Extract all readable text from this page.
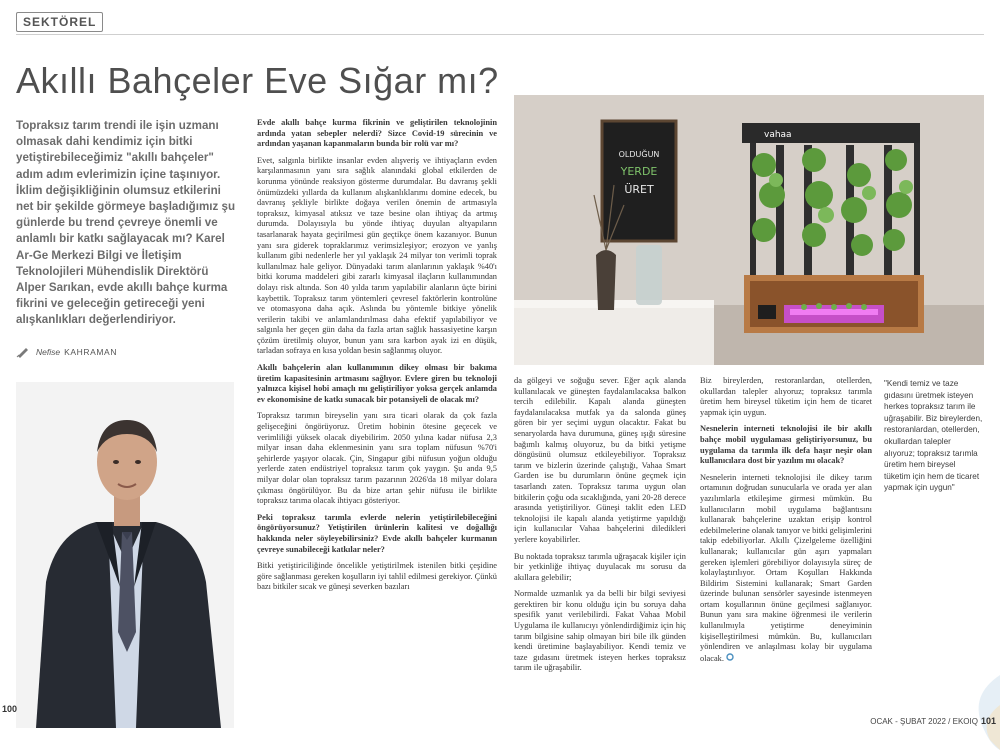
SEKTÖREL
Akıllı Bahçeler Eve Sığar mı?

Topraksız tarım trendi ile işin uzmanı olmasak dahi kendimiz için bitki yetiştirebileceğimiz "akıllı bahçeler" adım adım evlerimizin içine taşınıyor. İklim değişikliğinin olumsuz etkilerini net bir şekilde görmeye başladığımız şu günlerde bu trend çevreye önemli ve anlamlı bir katkı sağlayacak mı? Karel Ar-Ge Merkezi Bilgi ve İletişim Teknolojileri Mühendislik Direktörü Alper Sarıkan, evde akıllı bahçe kurma fikrini ve geleceğin getireceği yeni alışkanlıkları değerlendiriyor.

Nefise KAHRAMAN
OLDUĞUN
YERDE
ÜRET
vahaa

Evde akıllı bahçe kurma fikrinin ve geliştirilen teknolojinin ardında yatan sebepler nelerdi? Sizce Covid-19 sürecinin ve ardından yaşanan kapanmaların bunda bir rolü var mı?

Evet, salgınla birlikte insanlar evden alışveriş ve ihtiyaçların evden karşılanmasının yanı sıra sağlık alanındaki global etkilerden de korunma yönünde reaksiyon gösterme durumdalar. Bu davranış şekli önümüzdeki yıllarda da kullanım alışkanlıklarımı domine edecek, bu davranış şekliyle birlikte doğaya verilen önemin de artmasıyla topraksız, kimyasal atıksız ve taze besine olan ihtiyaç da artmış durumda. Dolayısıyla bu yönde ihtiyaç duyulan altyapıların tasarlanarak hayata geçirilmesi gün geçtikçe önem kazanıyor. Bunun yanı sıra giderek topraklarımız verimsizleşiyor; erozyon ve yanlış kullanım gibi nedenlerle her yıl yaklaşık 24 milyar ton verimli toprak kullanılmaz hale geliyor. Dünyadaki tarım alanlarının yaklaşık %40'ı bitki koruma maddeleri gibi zararlı kimyasal ilaçların kullanımından dolayı risk altında. Son 40 yılda tarım yapılabilir alanların üçte birini kaybettik. Topraksız tarım yöntemleri çevresel faktörlerin kontrolüne ve otomasyona daha açık. Aslında bu yöntemle bitkiye yönelik verilerin takibi ve anlamlandırılması daha efektif yapılabiliyor ve salgınla her geçen gün daha da fazla artan sağlık hassasiyetine karşın çözüm üretilmiş oluyor, bunun yanı sıra karbon ayak izi en düşük, tarladan sofraya en kısa yoldan besin sağlanmış oluyor.

Akıllı bahçelerin alan kullanımının dikey olması bir bakıma üretim kapasitesinin artmasını sağlıyor. Evlere giren bu teknoloji yalnızca kişisel hobi amaçlı mı geliştiriliyor yoksa gerçek anlamda ev ekonomisine de katkı sunacak bir potansiyeli de olacak mı?

Topraksız tarımın bireyselin yanı sıra ticari olarak da çok fazla gelişeceğini öngörüyoruz. Üretim hobinin ötesine geçecek ve verimliliği yüksek olacak diyebilirim. 2050 yılına kadar nüfusa 2,3 milyar insan daha eklenmesinin yanı sıra toplam nüfusun %70'i şehirlerde yaşıyor olacak. Çin, Singapur gibi nüfusun yoğun olduğu yerlerde zaten endüstriyel topraksız tarım çok yaygın. Şu anda 9,5 milyar dolar olan topraksız tarım pazarının 2026'da 18 milyar dolara çıkması öngörülüyor. Bu da bize artan şehir nüfusu ile birlikte topraksız tarıma olacak ihtiyacı gösteriyor.

Peki topraksız tarımla evlerde nelerin yetiştirilebileceğini öngörüyorsunuz? Yetiştirilen ürünlerin kalitesi ve doğallığı hakkında neler söyleyebilirsiniz? Evde akıllı bahçeler kurmanın çevreye sunabileceği katkılar neler?

Bitki yetiştiriciliğinde öncelikle yetiştirilmek istenilen bitki çeşidine göre sağlanması gereken koşulların iyi tahlil edilmesi gerekiyor. Çünkü bazı bitkiler sıcak ve güneşi severken bazıları

da gölgeyi ve soğuğu sever. Eğer açık alanda kullanılacak ve güneşten faydalanılacaksa balkon tercih edilebilir. Kapalı alanda güneşten faydalanılacaksa mutfak ya da salonda güneş gören bir yer seçimi uygun olacaktır. Fakat bu senaryolarda hava durumuna, güneş ışığı süresine bağımlı kalmış oluyoruz, bu da bitki yetişme döngüsünü olumsuz etkileyebiliyor. Topraksız tarım ve bizlerin üzerinde çalıştığı, Vahaa Smart Garden ise bu durumların önüne geçmek için tasarlandı zaten. Topraksız tarıma uygun olan bitkilerin çoğu oda sıcaklığında, yani 20-28 derece arasında yetiştiriliyor. Güneşi taklit eden LED teknolojisi ile kapalı alanda yetiştirme yapıldığı için kullanıcılar Vahaa bahçelerini diledikleri yerlere koyabilirler.

Bu noktada topraksız tarımla uğraşacak kişiler için bir yetkinliğe ihtiyaç duyulacak mı sorusu da akıllara gelebilir;

Normalde uzmanlık ya da belli bir bilgi seviyesi gerektiren bir konu olduğu için bu soruya daha spesifik yanıt verilebilirdi. Fakat Vahaa Mobil Uygulama ile kullanıcıyı yönlendirdiğimiz için hiç tarım bilgisine sahip olmayan biri bile ilk günden kendi üretimine başlayabiliyor. Kendi temiz ve taze gıdasını üretmek isteyen herkes topraksız tarım ile uğraşabilir.

Biz bireylerden, restoranlardan, otellerden, okullardan talepler alıyoruz; topraksız tarımla üretim hem bireysel tüketim için hem de ticaret yapmak için uygun.

Nesnelerin interneti teknolojisi ile bir akıllı bahçe mobil uygulaması geliştiriyorsunuz, bu uygulama da tarımla ilk defa haşır neşir olan kullanıcılara dost bir yazılım mı olacak?

Nesnelerin interneti teknolojisi ile dikey tarım ortamının doğrudan sunucularla ve orada yer alan yazılımlarla etkileşime girmesi mümkün. Bu kullanıcıların mobil uygulama bağlantısını kullanarak bahçelerine uzaktan erişip kontrol edebilmelerine olanak tanıyor ve bitki gelişimlerini takip edebiliyorlar. Akıllı Çizelgeleme özelliğini kullanarak; kullanıcılar gün aşırı yapmaları gereken işlemleri görebiliyor dolayısıyla süreç de kolaylaştırılıyor. Ortam Koşulları Hakkında Bildirim Sistemini kullanarak; Smart Garden üzerinde bulunan sensörler sayesinde istenmeyen ortam koşullarının önüne geçilmesi sağlanıyor. Bunun yanı sıra makine öğrenmesi ile verilerin kullanılmıyla yetiştirme deneyiminin kişiselleştirilmesi mümkün. Bu, kullanıcıları yönlendiren ve anlaşılması kolay bir uygulama olacak.

"Kendi temiz ve taze gıdasını üretmek isteyen herkes topraksız tarım ile uğraşabilir. Biz bireylerden, restoranlardan, otellerden, okullardan talepler alıyoruz; topraksız tarımla üretim hem bireysel tüketim için hem de ticaret yapmak için uygun"

100
OCAK - ŞUBAT 2022 / EKOIQ 101
